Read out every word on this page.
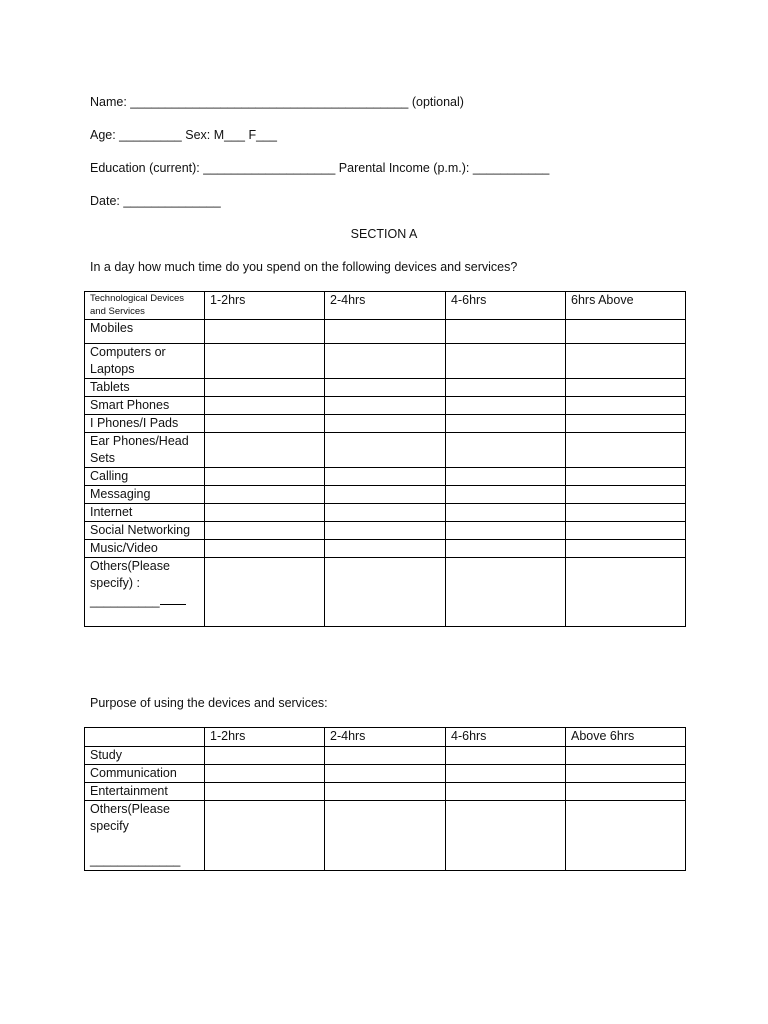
Name: ________________________________________ (optional)
Age: _________ Sex: M___ F___
Education (current): ___________________ Parental Income (p.m.): ___________
Date: ______________
SECTION A
In a day how much time do you spend on the following devices and services?
Technological Devices and Services	1-2hrs	2-4hrs	4-6hrs	6hrs Above
Mobiles				
Computers or Laptops				
Tablets				
Smart Phones				
I Phones/I Pads				
Ear Phones/Head Sets				
Calling				
Messaging				
Internet				
Social Networking				
Music/Video				
Others(Please specify) :
__________				
Purpose of using the devices and services:
	1-2hrs	2-4hrs	4-6hrs	Above 6hrs
Study				
Communication				
Entertainment				
Others(Please specify

_____________				
